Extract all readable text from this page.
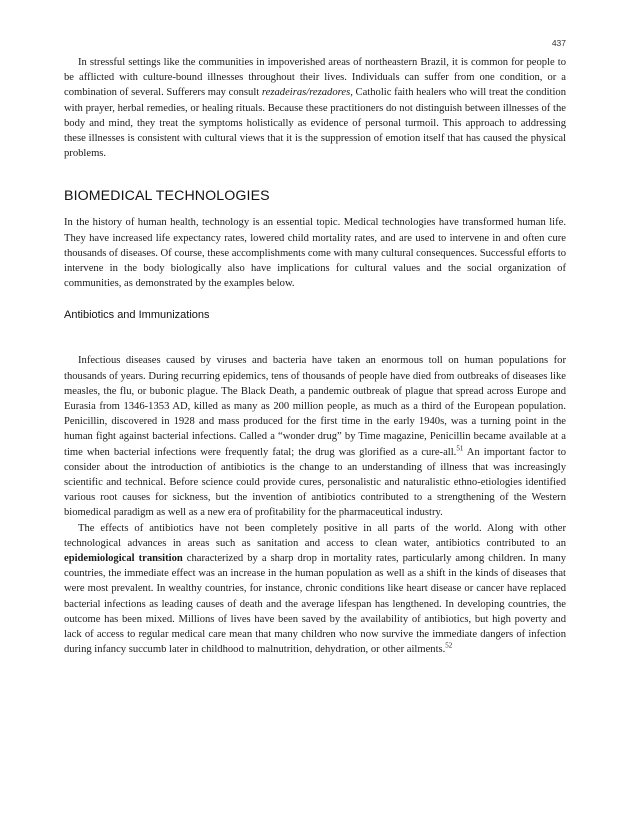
437

In stressful settings like the communities in impoverished areas of northeastern Brazil, it is common for people to be afflicted with culture-bound illnesses throughout their lives. Individuals can suffer from one condition, or a combination of several. Sufferers may consult rezadeiras/rezadores, Catholic faith healers who will treat the condition with prayer, herbal remedies, or healing rituals. Because these practitioners do not distinguish between illnesses of the body and mind, they treat the symptoms holistically as evidence of personal turmoil. This approach to addressing these illnesses is consistent with cultural views that it is the suppression of emotion itself that has caused the physical problems.

BIOMEDICAL TECHNOLOGIES

In the history of human health, technology is an essential topic. Medical technologies have transformed human life. They have increased life expectancy rates, lowered child mortality rates, and are used to intervene in and often cure thousands of diseases. Of course, these accomplishments come with many cultural consequences. Successful efforts to intervene in the body biologically also have implications for cultural values and the social organization of communities, as demonstrated by the examples below.

Antibiotics and Immunizations

Infectious diseases caused by viruses and bacteria have taken an enormous toll on human populations for thousands of years. During recurring epidemics, tens of thousands of people have died from outbreaks of diseases like measles, the flu, or bubonic plague. The Black Death, a pandemic outbreak of plague that spread across Europe and Eurasia from 1346-1353 AD, killed as many as 200 million people, as much as a third of the European population. Penicillin, discovered in 1928 and mass produced for the first time in the early 1940s, was a turning point in the human fight against bacterial infections. Called a “wonder drug” by Time magazine, Penicillin became available at a time when bacterial infections were frequently fatal; the drug was glorified as a cure-all.$^{51}$ An important factor to consider about the introduction of antibiotics is the change to an understanding of illness that was increasingly scientific and technical. Before science could provide cures, personalistic and naturalistic ethno-etiologies identified various root causes for sickness, but the invention of antibiotics contributed to a strengthening of the Western biomedical paradigm as well as a new era of profitability for the pharmaceutical industry.

The effects of antibiotics have not been completely positive in all parts of the world. Along with other technological advances in areas such as sanitation and access to clean water, antibiotics contributed to an epidemiological transition characterized by a sharp drop in mortality rates, particularly among children. In many countries, the immediate effect was an increase in the human population as well as a shift in the kinds of diseases that were most prevalent. In wealthy countries, for instance, chronic conditions like heart disease or cancer have replaced bacterial infections as leading causes of death and the average lifespan has lengthened. In developing countries, the outcome has been mixed. Millions of lives have been saved by the availability of antibiotics, but high poverty and lack of access to regular medical care mean that many children who now survive the immediate dangers of infection during infancy succumb later in childhood to malnutrition, dehydration, or other ailments.$^{52}$
